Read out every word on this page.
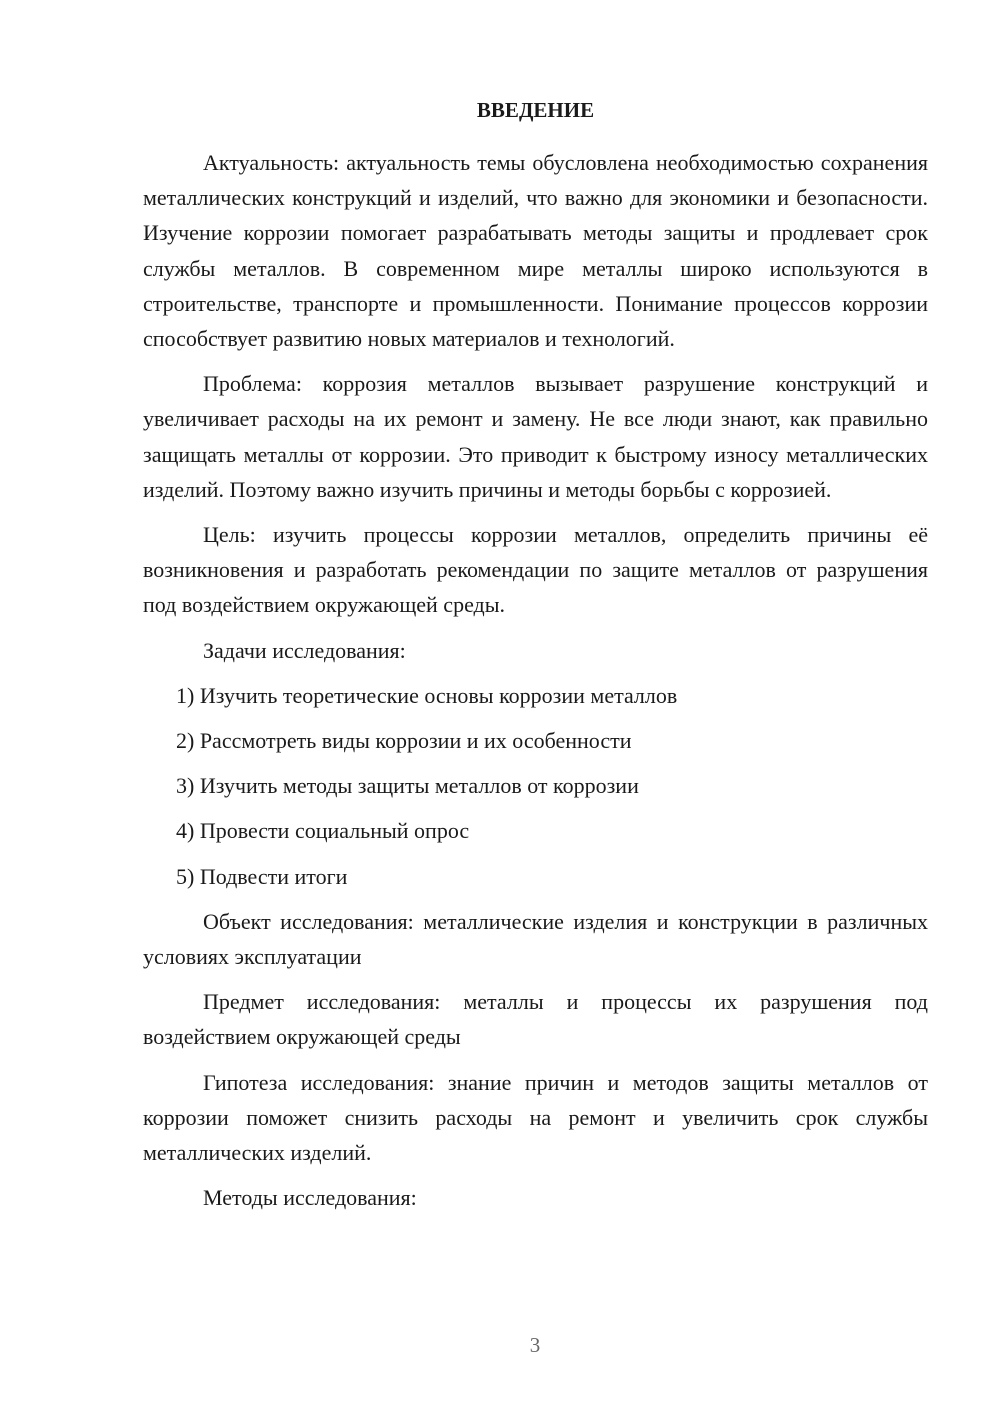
ВВЕДЕНИЕ

Актуальность: актуальность темы обусловлена необходимостью сохранения металлических конструкций и изделий, что важно для экономики и безопасности. Изучение коррозии помогает разрабатывать методы защиты и продлевает срок службы металлов. В современном мире металлы широко используются в строительстве, транспорте и промышленности. Понимание процессов коррозии способствует развитию новых материалов и технологий.

Проблема: коррозия металлов вызывает разрушение конструкций и увеличивает расходы на их ремонт и замену. Не все люди знают, как правильно защищать металлы от коррозии. Это приводит к быстрому износу металлических изделий. Поэтому важно изучить причины и методы борьбы с коррозией.

Цель: изучить процессы коррозии металлов, определить причины её возникновения и разработать рекомендации по защите металлов от разрушения под воздействием окружающей среды.

Задачи исследования:

1) Изучить теоретические основы коррозии металлов
2) Рассмотреть виды коррозии и их особенности
3) Изучить методы защиты металлов от коррозии
4) Провести социальный опрос
5) Подвести итоги

Объект исследования: металлические изделия и конструкции в различных условиях эксплуатации

Предмет исследования: металлы и процессы их разрушения под воздействием окружающей среды

Гипотеза исследования: знание причин и методов защиты металлов от коррозии поможет снизить расходы на ремонт и увеличить срок службы металлических изделий.

Методы исследования:

3
